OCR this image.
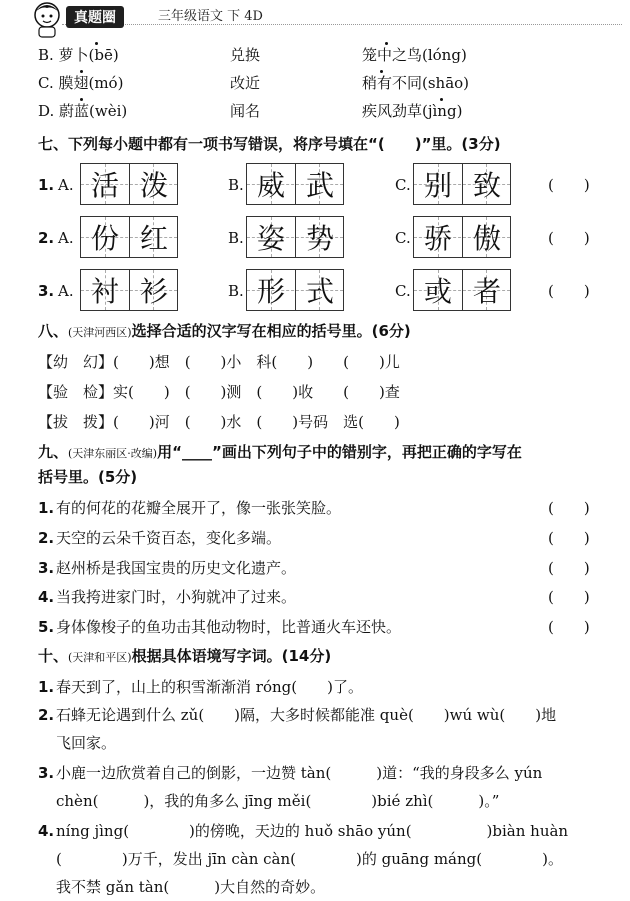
真题圈	三年级语文 下 4D
B. 萝卜(bē)	兑换	笼中之鸟(lóng)
C. 膜翅(mó)	改近	稍有不同(shāo)
D. 蔚蓝(wèi)	闻名	疾风劲草(jìng)
七、下列每小题中都有一项书写错误，将序号填在“(　　)”里。(3分)
1. A. 活 泼	B. 威 武	C. 别 致	(　　)
2. A. 份 红	B. 姿 势	C. 骄 傲	(　　)
3. A. 衬 衫	B. 形 式	C. 或 者	(　　)
八、(天津河西区)选择合适的汉字写在相应的括号里。(6分)
【幼　幻】(　　)想　(　　)小　科(　　)　　(　　)儿
【验　检】实(　　)　(　　)测　(　　)收　　(　　)查
【拔　拨】(　　)河　(　　)水　(　　)号码　选(　　)
九、(天津东丽区·改编)用“____”画出下列句子中的错别字，再把正确的字写在
括号里。(5分)
1. 有的何花的花瓣全展开了，像一张张笑脸。	(　　)
2. 天空的云朵千资百态，变化多端。	(　　)
3. 赵州桥是我国宝贵的历史文化遗产。	(　　)
4. 当我挎进家门时，小狗就冲了过来。	(　　)
5. 身体像梭子的鱼功击其他动物时，比普通火车还快。	(　　)
十、(天津和平区)根据具体语境写字词。(14分)
1. 春天到了，山上的积雪渐渐消 róng(　　)了。
2. 石蜂无论遇到什么 zǔ(　　)隔，大多时候都能准 què(　　)wú wù(　　)地
飞回家。
3. 小鹿一边欣赏着自己的倒影，一边赞 tàn(　　　)道：“我的身段多么 yún
chèn(　　　)，我的角多么 jīng měi(　　　　)bié zhì(　　　)。”
4. níng jìng(　　　　)的傍晚，天边的 huǒ shāo yún(　　　　　)biàn huàn
(　　　　)万千，发出 jīn càn càn(　　　　)的 guāng máng(　　　　)。
我不禁 gǎn tàn(　　　)大自然的奇妙。
